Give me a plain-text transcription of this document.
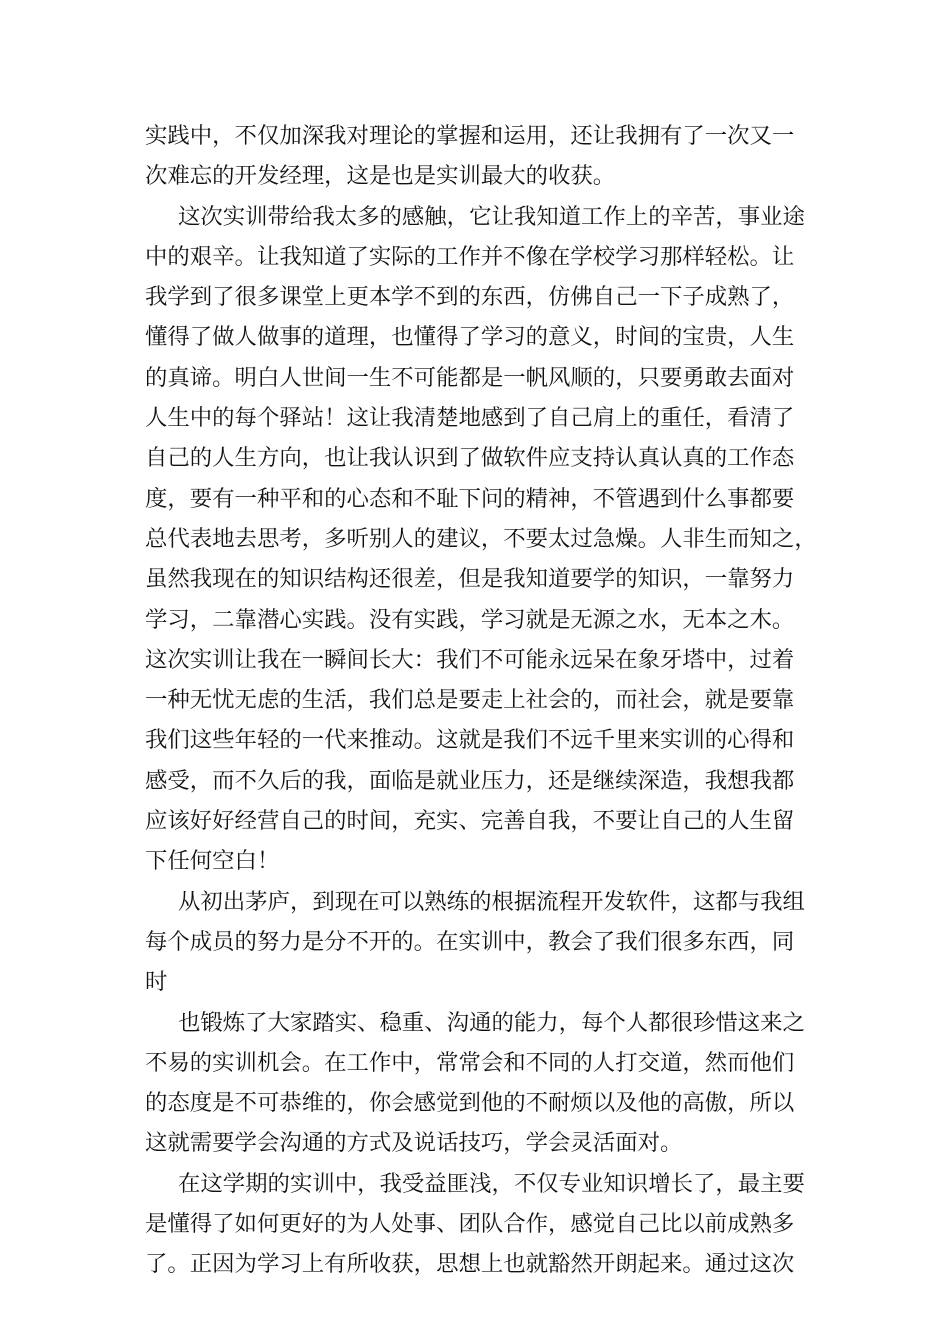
实践中，不仅加深我对理论的掌握和运用，还让我拥有了一次又一
次难忘的开发经理，这是也是实训最大的收获。
这次实训带给我太多的感触，它让我知道工作上的辛苦，事业途
中的艰辛。让我知道了实际的工作并不像在学校学习那样轻松。让
我学到了很多课堂上更本学不到的东西，仿佛自己一下子成熟了，
懂得了做人做事的道理，也懂得了学习的意义，时间的宝贵，人生
的真谛。明白人世间一生不可能都是一帆风顺的，只要勇敢去面对
人生中的每个驿站！这让我清楚地感到了自己肩上的重任，看清了
自己的人生方向，也让我认识到了做软件应支持认真认真的工作态
度，要有一种平和的心态和不耻下问的精神，不管遇到什么事都要
总代表地去思考，多听别人的建议，不要太过急燥。人非生而知之，
虽然我现在的知识结构还很差，但是我知道要学的知识，一靠努力
学习，二靠潜心实践。没有实践，学习就是无源之水，无本之木。
这次实训让我在一瞬间长大：我们不可能永远呆在象牙塔中，过着
一种无忧无虑的生活，我们总是要走上社会的，而社会，就是要靠
我们这些年轻的一代来推动。这就是我们不远千里来实训的心得和
感受，而不久后的我，面临是就业压力，还是继续深造，我想我都
应该好好经营自己的时间，充实、完善自我，不要让自己的人生留
下任何空白！
从初出茅庐，到现在可以熟练的根据流程开发软件，这都与我组
每个成员的努力是分不开的。在实训中，教会了我们很多东西，同
时
也锻炼了大家踏实、稳重、沟通的能力，每个人都很珍惜这来之
不易的实训机会。在工作中，常常会和不同的人打交道，然而他们
的态度是不可恭维的，你会感觉到他的不耐烦以及他的高傲，所以
这就需要学会沟通的方式及说话技巧，学会灵活面对。
在这学期的实训中，我受益匪浅，不仅专业知识增长了，最主要
是懂得了如何更好的为人处事、团队合作，感觉自己比以前成熟多
了。正因为学习上有所收获，思想上也就豁然开朗起来。通过这次
